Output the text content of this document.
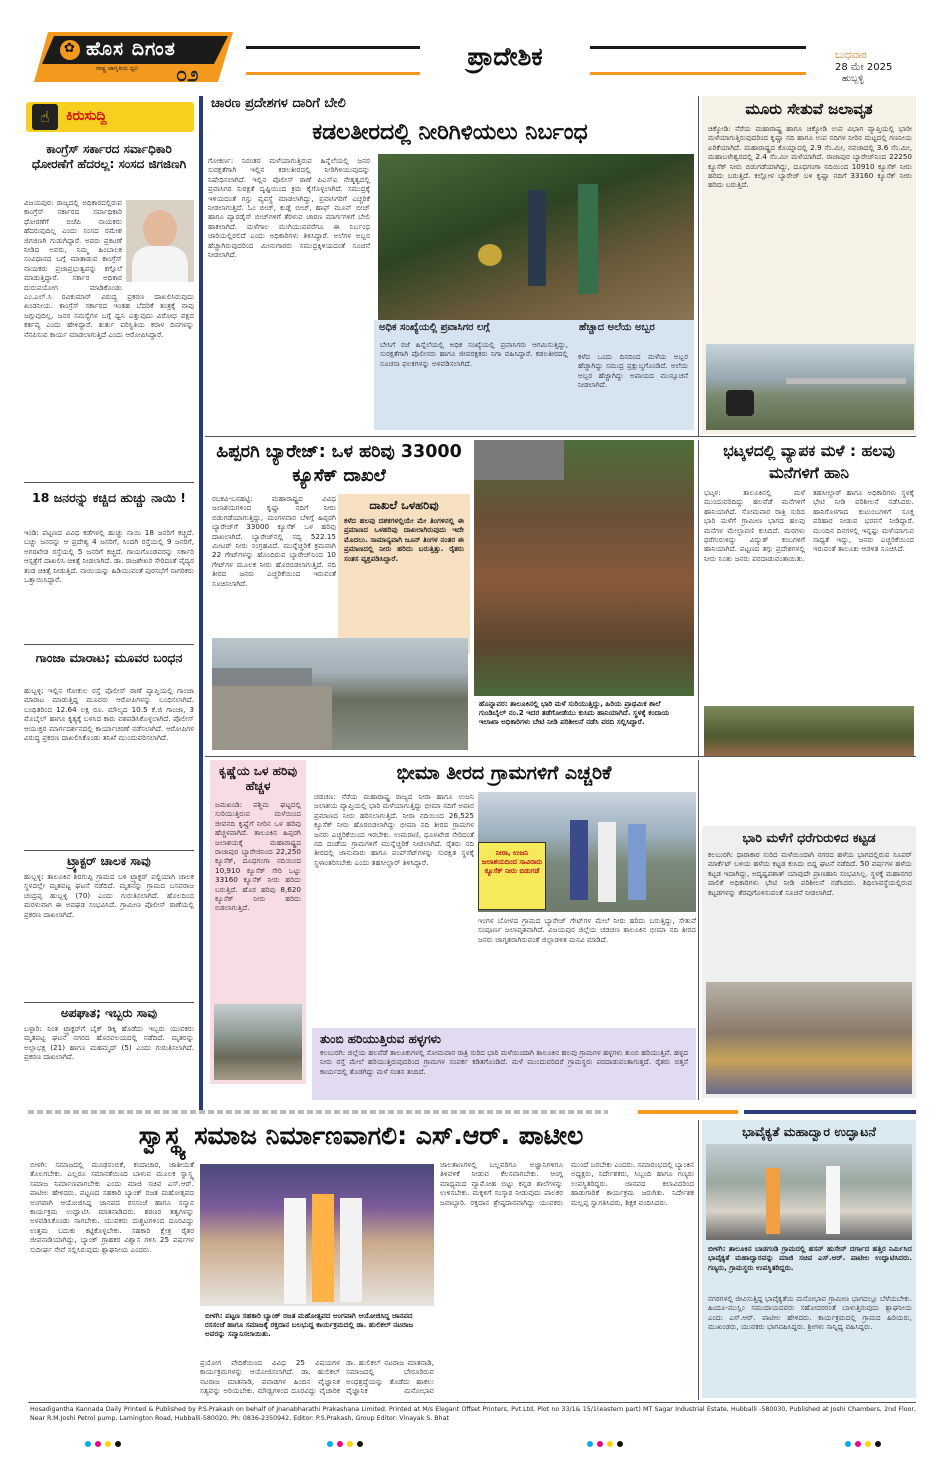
✿ ಹೊಸ ದಿಗಂತ
ರಾಷ್ಟ್ರ ಜಾಗೃತಿಯ ಧ್ವನಿ ೦೨
ಪ್ರಾದೇಶಿಕ	ಬುಧವಾರ
28 ಮೇ 2025
ಹುಬ್ಬಳ್ಳಿ
☝	ಕಿರುಸುದ್ದಿ
ಕಾಂಗ್ರೆಸ್ ಸರ್ಕಾರದ ಸರ್ವಾಧಿಕಾರಿ ಧೋರಣೆಗೆ ಹೆದರಲ್ಲ: ಸಂಸದ ಜಿಗಜಿಣಗಿ
ವಿಜಯಪುರ: ರಾಜ್ಯದಲ್ಲಿ ಅಧಿಕಾರದಲ್ಲಿರುವ ಕಾಂಗ್ರೆಸ್ ಸರ್ಕಾರದ ಸರ್ವಾಧಿಕಾರಿ ಧೋರಣೆಗೆ ಬಿಜೆಪಿ ನಾಯಕರು ಹೆದರುವುದಿಲ್ಲ ಎಂದು ಸಂಸದ ರಮೇಶ ಜಿಗಜಿಣಗಿ ಗುಡುಗಿದ್ದಾರೆ. ಅವರು ಪ್ರಕಟಣೆ ನೀಡಿದ ಅವರು, ನಿಮ್ಮ ಹಿಂಬಾಲಕ ಸಂವಿಧಾನದ ಬಗ್ಗೆ ಮಾತಾಡುವ ಕಾಂಗ್ರೆಸ್ ನಾಯಕರು ಪ್ರಜಾಪ್ರಭುತ್ವವನ್ನು ಕಗ್ಗೊಲೆ ಮಾಡುತ್ತಿದ್ದಾರೆ. ಸರ್ಕಾರ ಅಧಿಕಾರ ದುರುಪಯೋಗ ಮಾಡಿಕೊಂಡು ಎಂ.ಎಲ್.ಸಿ ರವಿಕುಮಾರ್ ವಿರುದ್ಧ ಪ್ರಕರಣ ದಾಖಲಿಸಿರುವುದು ಖಂಡನೀಯ. ಕಾಂಗ್ರೆಸ್ ಸರ್ಕಾರದ ಇಂತಹ ಬೆದರಿಕೆ ತಂತ್ರಕ್ಕೆ ನಾವು ಜಗ್ಗುವುದಿಲ್ಲ. ಜನರ ಸಮಸ್ಯೆಗಳ ಬಗ್ಗೆ ಧ್ವನಿ ಎತ್ತುವುದು ವಿರೋಧ ಪಕ್ಷದ ಕರ್ತವ್ಯ ಎಂದು ಹೇಳಿದ್ದಾರೆ. ತುರ್ತು ಪರಿಸ್ಥಿತಿಯ ಕರಾಳ ದಿನಗಳನ್ನು ನೆನಪಿಸುವ ಕಾರ್ಯ ಮಾಡಲಾಗುತ್ತಿದೆ ಎಂದು ಆರೋಪಿಸಿದ್ದಾರೆ.
18 ಜನರನ್ನು ಕಚ್ಚಿದ ಹುಚ್ಚು ನಾಯಿ !
ಇಂಡಿ: ಪಟ್ಟಣದ ವಿವಿಧ ಕಡೆಗಳಲ್ಲಿ ಹುಚ್ಚು ನಾಯಿ 18 ಜನರಿಗೆ ಕಚ್ಚಿದೆ. ಬಚ್ಚು ಜನರನ್ನು ಆ ಪ್ರದೇಶ್ಯ 4 ಜನರಿಗೆ, ಸಿಂದಗಿ ರಸ್ತೆಯಲ್ಲಿ 9 ಜನರಿಗೆ, ಅಗರಖೇಡ ರಸ್ತೆಯಲ್ಲಿ 5 ಜನರಿಗೆ ಕಚ್ಚಿದೆ. ಗಾಯಗೊಂಡವರನ್ನು ಸರ್ಕಾರಿ ಆಸ್ಪತ್ರೆಗೆ ದಾಖಲಿಸಿ ಚಿಕಿತ್ಸೆ ನೀಡಲಾಗಿದೆ. ಡಾ. ರಾಜಶೇಖರ ಸೇರಿದಂತೆ ವೈದ್ಯರ ತಂಡ ಚಿಕಿತ್ಸೆ ನೀಡುತ್ತಿದೆ. ನಾಯಿಯನ್ನು ಹಿಡಿಯುವಂತೆ ಪುರಸಭೆಗೆ ನಾಗರಿಕರು ಒತ್ತಾಯಿಸಿದ್ದಾರೆ.
ಗಾಂಜಾ ಮಾರಾಟ; ಮೂವರ ಬಂಧನ
ಹುಬ್ಬಳ್ಳಿ: ಇಲ್ಲಿನ ಗೋಕುಲ ರಸ್ತೆ ಪೊಲೀಸ್ ಠಾಣೆ ವ್ಯಾಪ್ತಿಯಲ್ಲಿ ಗಾಂಜಾ ಮಾರಾಟ ಮಾಡುತ್ತಿದ್ದ ಮೂವರು ಆರೋಪಿಗಳನ್ನು ಬಂಧಿಸಲಾಗಿದೆ. ಬಂಧಿತರಿಂದ 12.64 ಲಕ್ಷ ರೂ. ಮೌಲ್ಯದ 10.5 ಕೆ.ಜಿ ಗಾಂಜಾ, 3 ಮೊಬೈಲ್ ಹಾಗೂ ಕೃತ್ಯಕ್ಕೆ ಬಳಸಿದ ಕಾರು ವಶಪಡಿಸಿಕೊಳ್ಳಲಾಗಿದೆ. ಪೊಲೀಸ್ ಆಯುಕ್ತರ ಮಾರ್ಗದರ್ಶನದಲ್ಲಿ ಕಾರ್ಯಾಚರಣೆ ನಡೆಸಲಾಗಿದೆ. ಆರೋಪಿಗಳ ವಿರುದ್ಧ ಪ್ರಕರಣ ದಾಖಲಿಸಿಕೊಂಡು ತನಿಖೆ ಮುಂದುವರಿಸಲಾಗಿದೆ.
ಟ್ರ್ಯಾಕ್ಟರ್ ಚಾಲಕ ಸಾವು
ಹುಬ್ಬಳ್ಳಿ: ತಾಲೂಕಿನ ಶಿರಗುಪ್ಪಿ ಗ್ರಾಮದ ಬಳಿ ಟ್ರ್ಯಾಕ್ಟರ್ ಪಲ್ಟಿಯಾಗಿ ಚಾಲಕ ಸ್ಥಳದಲ್ಲೇ ಮೃತಪಟ್ಟ ಘಟನೆ ನಡೆದಿದೆ. ಮೃತನನ್ನು ಗ್ರಾಮದ ಬಸವರಾಜ ಚಂದ್ರಪ್ಪ ಹುಬ್ಬಳ್ಳಿ (70) ಎಂದು ಗುರುತಿಸಲಾಗಿದೆ. ಹೊಲದಿಂದ ಮರಳುವಾಗ ಈ ಅವಘಡ ಸಂಭವಿಸಿದೆ. ಗ್ರಾಮೀಣ ಪೊಲೀಸ್ ಠಾಣೆಯಲ್ಲಿ ಪ್ರಕರಣ ದಾಖಲಾಗಿದೆ.
ಅಪಘಾತ; ಇಬ್ಬರು ಸಾವು
ಬಳ್ಳಾರಿ: ನಿಂತ ಟ್ರ್ಯಾಕ್ಟರ್‌ಗೆ ಬೈಕ್ ಡಿಕ್ಕಿ ಹೊಡೆದು ಇಬ್ಬರು ಯುವಕರು ಮೃತಪಟ್ಟ ಘಟನೆ ನಗರದ ಹೊರವಲಯದಲ್ಲಿ ನಡೆದಿದೆ. ಮೃತರನ್ನು ಅಲ್ಲಾಭಕ್ಷ (21) ಹಾಗೂ ಮಹಮ್ಮದ್ (5) ಎಂದು ಗುರುತಿಸಲಾಗಿದೆ. ಪ್ರಕರಣ ದಾಖಲಾಗಿದೆ.
ಚಾರಣ ಪ್ರದೇಶಗಳ ದಾರಿಗೆ ಬೇಲಿ
ಕಡಲತೀರದಲ್ಲಿ ನೀರಿಗಿಳಿಯಲು ನಿರ್ಬಂಧ
ಗೋಕರ್ಣ: ನಿರಂತರ ಮಳೆಯಾಗುತ್ತಿರುವ ಹಿನ್ನೆಲೆಯಲ್ಲಿ ಜನರ ಸುರಕ್ಷತೆಗಾಗಿ ಇಲ್ಲಿನ ಕಡಲತೀರದಲ್ಲಿ ನೀರಿಗಿಳಿಯುವುದನ್ನು ನಿಷೇಧಿಸಲಾಗಿದೆ. ಇಲ್ಲಿನ ಪೊಲೀಸ್ ಠಾಣೆ ಪಿಎಸ್ಐ ನೇತೃತ್ವದಲ್ಲಿ ಪ್ರವಾಸಿಗರ ಸುರಕ್ಷತೆ ದೃಷ್ಟಿಯಿಂದ ಕ್ರಮ ಕೈಗೊಳ್ಳಲಾಗಿದೆ. ಸಮುದ್ರಕ್ಕೆ ಇಳಿಯದಂತೆ ಗಸ್ತು ವ್ಯವಸ್ಥೆ ಮಾಡಲಾಗಿದ್ದು, ಪ್ರವಾಸಿಗರಿಗೆ ಎಚ್ಚರಿಕೆ ನೀಡಲಾಗುತ್ತಿದೆ. ಓಂ ಬೀಚ್, ಕುಡ್ಲೆ ಬೀಚ್, ಹಾಫ್ ಮೂನ್ ಬೀಚ್ ಹಾಗೂ ಪ್ಯಾರಡೈಸ್ ಬೀಚ್‌ಗಳಿಗೆ ತೆರಳುವ ಚಾರಣ ಮಾರ್ಗಗಳಿಗೆ ಬೇಲಿ ಹಾಕಲಾಗಿದೆ. ಮಳೆಗಾಲ ಮುಗಿಯುವವರೆಗೂ ಈ ನಿರ್ಬಂಧ ಜಾರಿಯಲ್ಲಿರಲಿದೆ ಎಂದು ಅಧಿಕಾರಿಗಳು ತಿಳಿಸಿದ್ದಾರೆ. ಅಲೆಗಳ ಅಬ್ಬರ ಹೆಚ್ಚಾಗಿರುವುದರಿಂದ ಮೀನುಗಾರರು ಸಮುದ್ರಕ್ಕಿಳಿಯದಂತೆ ಸೂಚನೆ ನೀಡಲಾಗಿದೆ.
ಅಧಿಕ ಸಂಖ್ಯೆಯಲ್ಲಿ ಪ್ರವಾಸಿಗರ ಲಗ್ಗೆ
ಬೇಸಿಗೆ ರಜೆ ಹಿನ್ನೆಲೆಯಲ್ಲಿ ಅಧಿಕ ಸಂಖ್ಯೆಯಲ್ಲಿ ಪ್ರವಾಸಿಗರು ಆಗಮಿಸುತ್ತಿದ್ದು, ಸುರಕ್ಷತೆಗಾಗಿ ಪೊಲೀಸರು ಹಾಗೂ ಜೀವರಕ್ಷಕರು ನಿಗಾ ವಹಿಸಿದ್ದಾರೆ. ಕಡಲತೀರದಲ್ಲಿ ಸೂಚನಾ ಫಲಕಗಳನ್ನು ಅಳವಡಿಸಲಾಗಿದೆ.
ಹೆಚ್ಚಾದ ಅಲೆಯ ಅಬ್ಬರ
ಕಳೆದ ಒಂದು ದಿನದಿಂದ ಮಳೆಯ ಅಬ್ಬರ ಹೆಚ್ಚಾಗಿದ್ದು ಸಮುದ್ರ ಪ್ರಕ್ಷುಬ್ಧಗೊಂಡಿದೆ. ಅಲೆಯ ಅಬ್ಬರ ಹೆಚ್ಚಾಗಿದ್ದು ಅಪಾಯದ ಮುನ್ಸೂಚನೆ ನೀಡಲಾಗಿದೆ.
ಮೂರು ಸೇತುವೆ ಜಲಾವೃತ
ಚಿಕ್ಕೋಡಿ: ನೆರೆಯ ಮಹಾರಾಷ್ಟ್ರ ಹಾಗೂ ಚಿಕ್ಕೋಡಿ ಉಪ ವಿಭಾಗ ವ್ಯಾಪ್ತಿಯಲ್ಲಿ ಭಾರೀ ಮಳೆಯಾಗುತ್ತಿರುವುದರಿಂದ ಕೃಷ್ಣಾ ನದಿ ಹಾಗೂ ಉಪ ನದಿಗಳ ನೀರಿನ ಮಟ್ಟದಲ್ಲಿ ಗಣನೀಯ ಏರಿಕೆಯಾಗಿದೆ. ಮಹಾರಾಷ್ಟ್ರದ ಕೊಯ್ನಾದಲ್ಲಿ 2.9 ಸೆಂ.ಮೀ, ನವಜಾದಲ್ಲಿ 3.6 ಸೆಂ.ಮೀ, ಮಹಾಬಳೇಶ್ವರದಲ್ಲಿ 2.4 ಸೆಂ.ಮೀ ಮಳೆಯಾಗಿದೆ. ರಾಜಾಪುರ ಬ್ಯಾರೇಜ್‌ನಿಂದ 22250 ಕ್ಯೂಸೆಕ್ ನೀರು ಬಿಡುಗಡೆಯಾಗಿದ್ದು, ದೂಧಗಂಗಾ ನದಿಯಿಂದ 10910 ಕ್ಯೂಸೆಕ್ ನೀರು ಹರಿದು ಬರುತ್ತಿದೆ. ಕಲ್ಲೋಳ ಬ್ಯಾರೇಜ್ ಬಳಿ ಕೃಷ್ಣಾ ನದಿಗೆ 33160 ಕ್ಯೂಸೆಕ್ ನೀರು ಹರಿದು ಬರುತ್ತಿದೆ.
ಹಿಪ್ಪರಗಿ ಬ್ಯಾರೇಜ್: ಒಳ ಹರಿವು 33000 ಕ್ಯೂಸೆಕ್ ದಾಖಲೆ
ರಬಕವಿ-ಬನಹಟ್ಟಿ: ಮಹಾರಾಷ್ಟ್ರದ ವಿವಿಧ ಜಲಾಶಯಗಳಿಂದ ಕೃಷ್ಣಾ ನದಿಗೆ ನೀರು ಬಿಡುಗಡೆಯಾಗುತ್ತಿದ್ದು, ಮಂಗಳವಾರ ಬೆಳಿಗ್ಗೆ ಹಿಪ್ಪರಗಿ ಬ್ಯಾರೇಜ್‌ಗೆ 33000 ಕ್ಯೂಸೆಕ್ ಒಳ ಹರಿವು ದಾಖಲಾಗಿದೆ. ಬ್ಯಾರೇಜ್‌ನಲ್ಲಿ ಸದ್ಯ 522.15 ಮೀಟರ್ ನೀರು ಸಂಗ್ರಹವಿದೆ. ಮುನ್ನೆಚ್ಚರಿಕೆ ಕ್ರಮವಾಗಿ 22 ಗೇಟ್‌ಗಳನ್ನು ಹೊಂದಿರುವ ಬ್ಯಾರೇಜ್‌ನಿಂದ 10 ಗೇಟ್‌ಗಳ ಮೂಲಕ ನೀರು ಹೊರಬಿಡಲಾಗುತ್ತಿದೆ. ನದಿ ತೀರದ ಜನರು ಎಚ್ಚರಿಕೆಯಿಂದ ಇರುವಂತೆ ಸೂಚಿಸಲಾಗಿದೆ.
ದಾಖಲೆ ಒಳಹರಿವು
ಕಳೆದ ಹಲವು ದಶಕಗಳಲ್ಲಿಯೇ ಮೇ ತಿಂಗಳಿನಲ್ಲಿ ಈ ಪ್ರಮಾಣದ ಒಳಹರಿವು ದಾಖಲಾಗಿರುವುದು ಇದೇ ಮೊದಲು. ಸಾಮಾನ್ಯವಾಗಿ ಜೂನ್ ತಿಂಗಳ ನಂತರ ಈ ಪ್ರಮಾಣದಲ್ಲಿ ನೀರು ಹರಿದು ಬರುತ್ತಿತ್ತು. ರೈತರು ಸಂತಸ ವ್ಯಕ್ತಪಡಿಸಿದ್ದಾರೆ.
ಹೊನ್ನಾವರ: ತಾಲೂಕಿನಲ್ಲಿ ಭಾರಿ ಮಳೆ ಸುರಿಯುತ್ತಿದ್ದು, ಹಿರಿಯ ಪ್ರಾಥಮಿಕ ಶಾಲೆ ಗುಂಡಿಬೈಲ್ ನಂ.2 ಇದರ ತಡೆಗೋಡೆಯು ಕುಸಿದು ಹಾನಿಯಾಗಿದೆ. ಸ್ಥಳಕ್ಕೆ ಕಂದಾಯ ಇಲಾಖಾ ಅಧಿಕಾರಿಗಳು ಬೇಟಿ ನೀಡಿ ಪರಿಶೀಲನೆ ನಡೆಸಿ ವರದಿ ಸಲ್ಲಿಸಿದ್ದಾರೆ.
ಭಟ್ಕಳದಲ್ಲಿ ವ್ಯಾಪಕ ಮಳೆ : ಹಲವು ಮನೆಗಳಿಗೆ ಹಾನಿ
ಭಟ್ಕಳ: ತಾಲೂಕಿನಲ್ಲಿ ಮಳೆ ಮುಂದುವರಿದಿದ್ದು ಹಲವೆಡೆ ಮನೆಗಳಿಗೆ ಹಾನಿಯಾಗಿದೆ. ಸೋಮವಾರ ರಾತ್ರಿ ಸುರಿದ ಭಾರಿ ಮಳೆಗೆ ಗ್ರಾಮೀಣ ಭಾಗದ ಹಲವು ಮನೆಗಳ ಮೇಲ್ಛಾವಣಿ ಕುಸಿದಿದೆ. ಮರಗಳು ಧರೆಗುರುಳಿದ್ದು ವಿದ್ಯುತ್ ಕಂಬಗಳಿಗೆ ಹಾನಿಯಾಗಿದೆ. ಪಟ್ಟಣದ ತಗ್ಗು ಪ್ರದೇಶಗಳಲ್ಲಿ ನೀರು ನಿಂತು ಜನರು ಪರದಾಡುವಂತಾಯಿತು. ತಹಸೀಲ್ದಾರ್ ಹಾಗೂ ಅಧಿಕಾರಿಗಳು ಸ್ಥಳಕ್ಕೆ ಭೇಟಿ ನೀಡಿ ಪರಿಶೀಲನೆ ನಡೆಸಿದರು. ಹಾನಿಗೊಳಗಾದ ಕುಟುಂಬಗಳಿಗೆ ಸೂಕ್ತ ಪರಿಹಾರ ನೀಡುವ ಭರವಸೆ ನೀಡಿದ್ದಾರೆ. ಮುಂದಿನ ದಿನಗಳಲ್ಲಿ ಇನ್ನಷ್ಟು ಮಳೆಯಾಗುವ ಸಾಧ್ಯತೆ ಇದ್ದು, ಜನರು ಎಚ್ಚರಿಕೆಯಿಂದ ಇರುವಂತೆ ತಾಲೂಕು ಆಡಳಿತ ಸೂಚಿಸಿದೆ.
ಕೃಷ್ಣೆಯ ಒಳ ಹರಿವು ಹೆಚ್ಚಳ
ಜಮಖಂಡಿ: ಪಶ್ಚಿಮ ಘಟ್ಟದಲ್ಲಿ ಸುರಿಯುತ್ತಿರುವ ಮಳೆಯಿಂದ ಜೀವನದಿ ಕೃಷ್ಣೆಗೆ ನೀರಿನ ಒಳ ಹರಿವು ಹೆಚ್ಚಳವಾಗಿದೆ. ತಾಲೂಕಿನ ಹಿಪ್ಪರಗಿ ಜಲಾಶಯಕ್ಕೆ ಮಹಾರಾಷ್ಟ್ರದ ರಾಜಾಪುರ ಬ್ಯಾರೇಜಿನಿಂದ 22,250 ಕ್ಯೂಸೆಕ್, ದೂಧಗಂಗಾ ನದಿಯಿಂದ 10,910 ಕ್ಯೂಸೆಕ್ ಸೇರಿ ಒಟ್ಟು 33160 ಕ್ಯೂಸೆಕ್ ನೀರು ಹರಿದು ಬರುತ್ತಿದೆ. ಹೊರ ಹರಿವು 8,620 ಕ್ಯೂಸೆಕ್ ನೀರು ಹರಿದು ಬಿಡಲಾಗುತ್ತಿದೆ.
ಭೀಮಾ ತೀರದ ಗ್ರಾಮಗಳಿಗೆ ಎಚ್ಚರಿಕೆ
ಚಡಚಣ: ನೆರೆಯ ಮಹಾರಾಷ್ಟ್ರ ರಾಜ್ಯದ ನೀರಾ ಹಾಗೂ ಉಜನಿ ಜಲಾಶಯ ವ್ಯಾಪ್ತಿಯಲ್ಲಿ ಭಾರಿ ಮಳೆಯಾಗುತ್ತಿದ್ದು ಭೀಮಾ ನದಿಗೆ ಅಪಾರ ಪ್ರಮಾಣದ ನೀರು ಹರಿಸಲಾಗುತ್ತಿದೆ. ನೀರಾ ನದಿಯಿಂದ 26,525 ಕ್ಯೂಸೆಕ್ ನೀರು ಹೊರಬಿಡಲಾಗಿದ್ದು ಭೀಮಾ ನದಿ ತೀರದ ಗ್ರಾಮಗಳ ಜನರು ಎಚ್ಚರಿಕೆಯಿಂದ ಇರಬೇಕು. ಉಮರಾಣಿ, ಧೂಳಖೇಡ ಸೇರಿದಂತೆ ನದಿ ದಂಡೆಯ ಗ್ರಾಮಗಳಿಗೆ ಮುನ್ನೆಚ್ಚರಿಕೆ ನೀಡಲಾಗಿದೆ. ರೈತರು ನದಿ ತೀರದಲ್ಲಿ ಜಾನುವಾರು ಹಾಗೂ ಪಂಪ್‌ಸೆಟ್‌ಗಳನ್ನು ಸುರಕ್ಷಿತ ಸ್ಥಳಕ್ಕೆ ಸ್ಥಳಾಂತರಿಸಬೇಕು ಎಂದು ತಹಸೀಲ್ದಾರ್ ತಿಳಿಸಿದ್ದಾರೆ.
ನೀರಾ, ಉಜನಿ ಜಲಾಶಯದಿಂದ ಸಾವಿರಾರು ಕ್ಯೂಸೆಕ್ ನೀರು ಬಿಡುಗಡೆ
ಇಂಗಳ ಬೋಳದ ಗ್ರಾಮದ ಬ್ಯಾರೇಜ್ ಗೇಟ್‌ಗಳ ಮೇಲೆ ನೀರು ಹರಿದು ಬರುತ್ತಿದ್ದು, ಸೇತುವೆ ಸಂಪೂರ್ಣ ಜಲಾವೃತವಾಗಿದೆ. ವಿಜಯಪುರ ಜಿಲ್ಲೆಯ ಚಡಚಣ ತಾಲೂಕಿನ ಭೀಮಾ ನದಿ ತೀರದ ಜನರು ಜಾಗೃತರಾಗಿರುವಂತೆ ಜಿಲ್ಲಾಡಳಿತ ಮನವಿ ಮಾಡಿದೆ.
ತುಂಬಿ ಹರಿಯುತ್ತಿರುವ ಹಳ್ಳಗಳು
ಕಲಬುರಗಿ: ಜಿಲ್ಲೆಯ ಹಲವೆಡೆ ತಾಲೂಕುಗಳಲ್ಲಿ ಸೋಮವಾರ ರಾತ್ರಿ ಸುರಿದ ಭಾರಿ ಮಳೆಯಿಂದಾಗಿ ತಾಲೂಕಿನ ಹಲವು ಗ್ರಾಮಗಳ ಹಳ್ಳಗಳು ತುಂಬಿ ಹರಿಯುತ್ತಿವೆ. ಹಳ್ಳದ ನೀರು ರಸ್ತೆ ಮೇಲೆ ಹರಿಯುತ್ತಿರುವುದರಿಂದ ಗ್ರಾಮಗಳ ಸಂಪರ್ಕ ಕಡಿತಗೊಂಡಿದೆ. ಮಳೆ ಮುಂದುವರಿದರೆ ಗ್ರಾಮಸ್ಥರು ಪರದಾಡುವಂತಾಗುತ್ತದೆ. ರೈತರು ಬಿತ್ತನೆ ಕಾರ್ಯದಲ್ಲಿ ತೊಡಗಿದ್ದು ಮಳೆ ಸಂತಸ ತಂದಿದೆ.
ಭಾರಿ ಮಳೆಗೆ ಧರೆಗುರುಳಿದ ಕಟ್ಟಡ
ಕಲಬುರಗಿ: ಧಾರಾಕಾರ ಸುರಿದ ಮಳೆಯಿಂದಾಗಿ ನಗರದ ಹಳೆಯ ಭಾಗದಲ್ಲಿರುವ ಸೂಪರ್ ಮಾರ್ಕೆಟ್ ಬಳಿಯ ಹಳೆಯ ಕಟ್ಟಡ ಕುಸಿದು ಬಿದ್ದ ಘಟನೆ ನಡೆದಿದೆ. 50 ವರ್ಷಗಳ ಹಳೆಯ ಕಟ್ಟಡ ಇದಾಗಿದ್ದು, ಅದೃಷ್ಟವಶಾತ್ ಯಾವುದೇ ಪ್ರಾಣಹಾನಿ ಸಂಭವಿಸಿಲ್ಲ. ಸ್ಥಳಕ್ಕೆ ಮಹಾನಗರ ಪಾಲಿಕೆ ಅಧಿಕಾರಿಗಳು ಭೇಟಿ ನೀಡಿ ಪರಿಶೀಲನೆ ನಡೆಸಿದರು. ಶಿಥಿಲಾವಸ್ಥೆಯಲ್ಲಿರುವ ಕಟ್ಟಡಗಳನ್ನು ತೆರವುಗೊಳಿಸುವಂತೆ ಸೂಚನೆ ನೀಡಲಾಗಿದೆ.
ಸ್ವಾಸ್ಥ್ಯ ಸಮಾಜ ನಿರ್ಮಾಣವಾಗಲಿ: ಎಸ್.ಆರ್. ಪಾಟೀಲ
ಬೀಳಗಿ: ಸಮಾಜದಲ್ಲಿ ಮೂಢನಂಬಿಕೆ, ಕಂದಾಚಾರ, ಜಾತೀಯತೆ ತೊಲಗಬೇಕು. ಎಲ್ಲರೂ ಸಮಾನತೆಯಿಂದ ಬಾಳುವ ಮೂಲಕ ಸ್ವಾಸ್ಥ್ಯ ಸಮಾಜ ನಿರ್ಮಾಣವಾಗಬೇಕು ಎಂದು ಮಾಜಿ ಸಚಿವ ಎಸ್.ಆರ್. ಪಾಟೀಲ ಹೇಳಿದರು. ಪಟ್ಟಣದ ಸಹಕಾರಿ ಬ್ಯಾಂಕ್ ರಜತ ಮಹೋತ್ಸವದ ಅಂಗವಾಗಿ ಆಯೋಜಿಸಿದ್ದ ಜಾನಪದ ರಸಸಂಜೆ ಹಾಗೂ ಸನ್ಮಾನ ಕಾರ್ಯಕ್ರಮ ಉದ್ಘಾಟಿಸಿ ಮಾತನಾಡಿದರು. ಶರಣರ ತತ್ವಗಳನ್ನು ಅಳವಡಿಸಿಕೊಂಡು ಸಾಗಬೇಕು. ಯುವಕರು ದುಶ್ಚಟಗಳಿಂದ ದೂರವಿದ್ದು ಉತ್ತಮ ಬದುಕು ಕಟ್ಟಿಕೊಳ್ಳಬೇಕು. ಸಹಕಾರಿ ಕ್ಷೇತ್ರ ರೈತರ ಜೀವನಾಡಿಯಾಗಿದ್ದು, ಬ್ಯಾಂಕ್ ಗ್ರಾಹಕರ ವಿಶ್ವಾಸ ಗಳಿಸಿ 25 ವರ್ಷಗಳ ಸುದೀರ್ಘ ಸೇವೆ ಸಲ್ಲಿಸಿರುವುದು ಶ್ಲಾಘನೀಯ ಎಂದರು.
ಬೀಳಗಿ: ಪಟ್ಟಣ ಸಹಕಾರಿ ಬ್ಯಾಂಕ್ ರಜತ ಮಹೋತ್ಸವದ ಅಂಗವಾಗಿ ಆಯೋಜಿಸಿದ್ದ ಜಾನಪದ ರಸಸಂಜೆ ಹಾಗೂ ಸಮಾಜಕ್ಕೆ ರಕ್ತದಾನ ಬಲಭುದ್ದ ಕಾರ್ಯಕ್ರಮದಲ್ಲಿ ಡಾ. ಹುಲಿಕಲ್ ನಟರಾಜ ಅವರನ್ನು ಸನ್ಮಾನಿಸಲಾಯಿತು.
ಪ್ರಯೋಗ ವೇದಿಕೆಯಿಂದ ವಿವಿಧ 25 ವಿಷಯಗಳ ಕಾರ್ಯಕ್ರಮಗಳನ್ನು ಆಯೋಜಿಸಲಾಗಿದೆ. ಡಾ. ಹುಲಿಕಲ್ ನಟರಾಜ ಮಾತನಾಡಿ, ಪವಾಡಗಳ ಹಿಂದಿನ ವೈಜ್ಞಾನಿಕ ಸತ್ಯವನ್ನು ಅರಿಯಬೇಕು. ಮೌಢ್ಯಗಳಿಂದ ದೂರವಿದ್ದು ವೈಚಾರಿಕ
ಡಾ. ಹುಲಿಕಲ್ ನಟರಾಜ ಮಾತನಾಡಿ, ಸಮಾಜದಲ್ಲಿ ಬೇರೂರಿರುವ ಅಂಧಶ್ರದ್ಧೆಯನ್ನು ತೊಡೆದು ಹಾಕಲು ವೈಜ್ಞಾನಿಕ ಮನೋಭಾವ
ಜಾಲತಾಣಗಳಲ್ಲಿ ಬಲ್ಲವರಿಗೂ ಅಜ್ಞಾನಿಗಳಿಗೂ ತಿಳಿವಳಿಕೆ ನೀಡುವ ಕೆಲಸವಾಗಬೇಕು. ಆಂಗ್ಲ ಮಾಧ್ಯಮದ ವ್ಯಾಮೋಹ ಬಿಟ್ಟು ಕನ್ನಡ ಶಾಲೆಗಳನ್ನು ಉಳಿಸಬೇಕು. ಮಕ್ಕಳಿಗೆ ಸಂಸ್ಕಾರ ನೀಡುವುದು ಪಾಲಕರ ಜವಾಬ್ದಾರಿ. ರಕ್ತದಾನ ಶ್ರೇಷ್ಠದಾನವಾಗಿದ್ದು ಯುವಕರು ಮುಂದೆ ಬರಬೇಕು ಎಂದರು. ಸಮಾರಂಭದಲ್ಲಿ ಬ್ಯಾಂಕಿನ ಅಧ್ಯಕ್ಷರು, ನಿರ್ದೇಶಕರು, ಸಿಬ್ಬಂದಿ ಹಾಗೂ ಗಣ್ಯರು ಉಪಸ್ಥಿತರಿದ್ದರು. ಜಾನಪದ ಕಲಾವಿದರಿಂದ ಹಾಡುಗಾರಿಕೆ ಕಾರ್ಯಕ್ರಮ ಜರುಗಿತು. ನಿರ್ದೇಶಕ ಮಲ್ಲಪ್ಪ ಸ್ವಾಗತಿಸಿದರು, ಶಿಕ್ಷಕ ವಂದಿಸಿದರು.
ಭಾವೈಕ್ಯತೆ ಮಹಾದ್ವಾರ ಉದ್ಘಾಟನೆ
ಬೀಳಗಿ: ತಾಲೂಕಿನ ಬಾಡಗಂಡಿ ಗ್ರಾಮದಲ್ಲಿ ಹಸನ್ ಹುಸೇನ್ ದರ್ಗಾದ ಹತ್ತಿರ ನಿರ್ಮಿಸಿದ ಭಾವೈಕ್ಯತೆ ಮಹಾದ್ವಾರವನ್ನು ಮಾಜಿ ಸಚಿವ ಎಸ್.ಆರ್. ಪಾಟೀಲ ಉದ್ಘಾಟಿಸಿದರು. ಗಣ್ಯರು, ಗ್ರಾಮಸ್ಥರು ಉಪಸ್ಥಿತರಿದ್ದರು.
ನಗರಗಳಲ್ಲಿ ಜೀವಿಸುತ್ತಿದ್ದ ಭಾವೈಕ್ಯತೆಯ ಮನೋಭಾವ ಗ್ರಾಮೀಣ ಭಾಗದಲ್ಲೂ ಬೆಳೆಯಬೇಕು. ಹಿಂದೂ-ಮುಸ್ಲಿಂ ಸಮುದಾಯದವರು ಸಹೋದರರಂತೆ ಬಾಳುತ್ತಿರುವುದು ಶ್ಲಾಘನೀಯ ಎಂದು ಎಸ್.ಆರ್. ಪಾಟೀಲ ಹೇಳಿದರು. ಕಾರ್ಯಕ್ರಮದಲ್ಲಿ ಗ್ರಾಮದ ಹಿರಿಯರು, ಮುಖಂಡರು, ಯುವಕರು ಭಾಗವಹಿಸಿದ್ದರು. ಶ್ರೀಗಳು ಸಾನ್ನಿಧ್ಯ ವಹಿಸಿದ್ದರು.
Hosadigantha Kannada Daily Printed & Published by P.S.Prakash on behalf of Jnanabharathi Prakashana Limited. Printed at M/s Elegant Offset Printers, Pvt.Ltd, Plot no 33/1& 15/1(eastern part) MT Sagar Industrial Estate, Hubballi -580030, Published at Joshi Chambers, 2nd Floor, Near R.M.Joshi Petrol pump, Lamington Road, Hubballi-580020, Ph: 0836-2350942, Editor: P.S.Prakash, Group Editor: Vinayak S. Bhat
